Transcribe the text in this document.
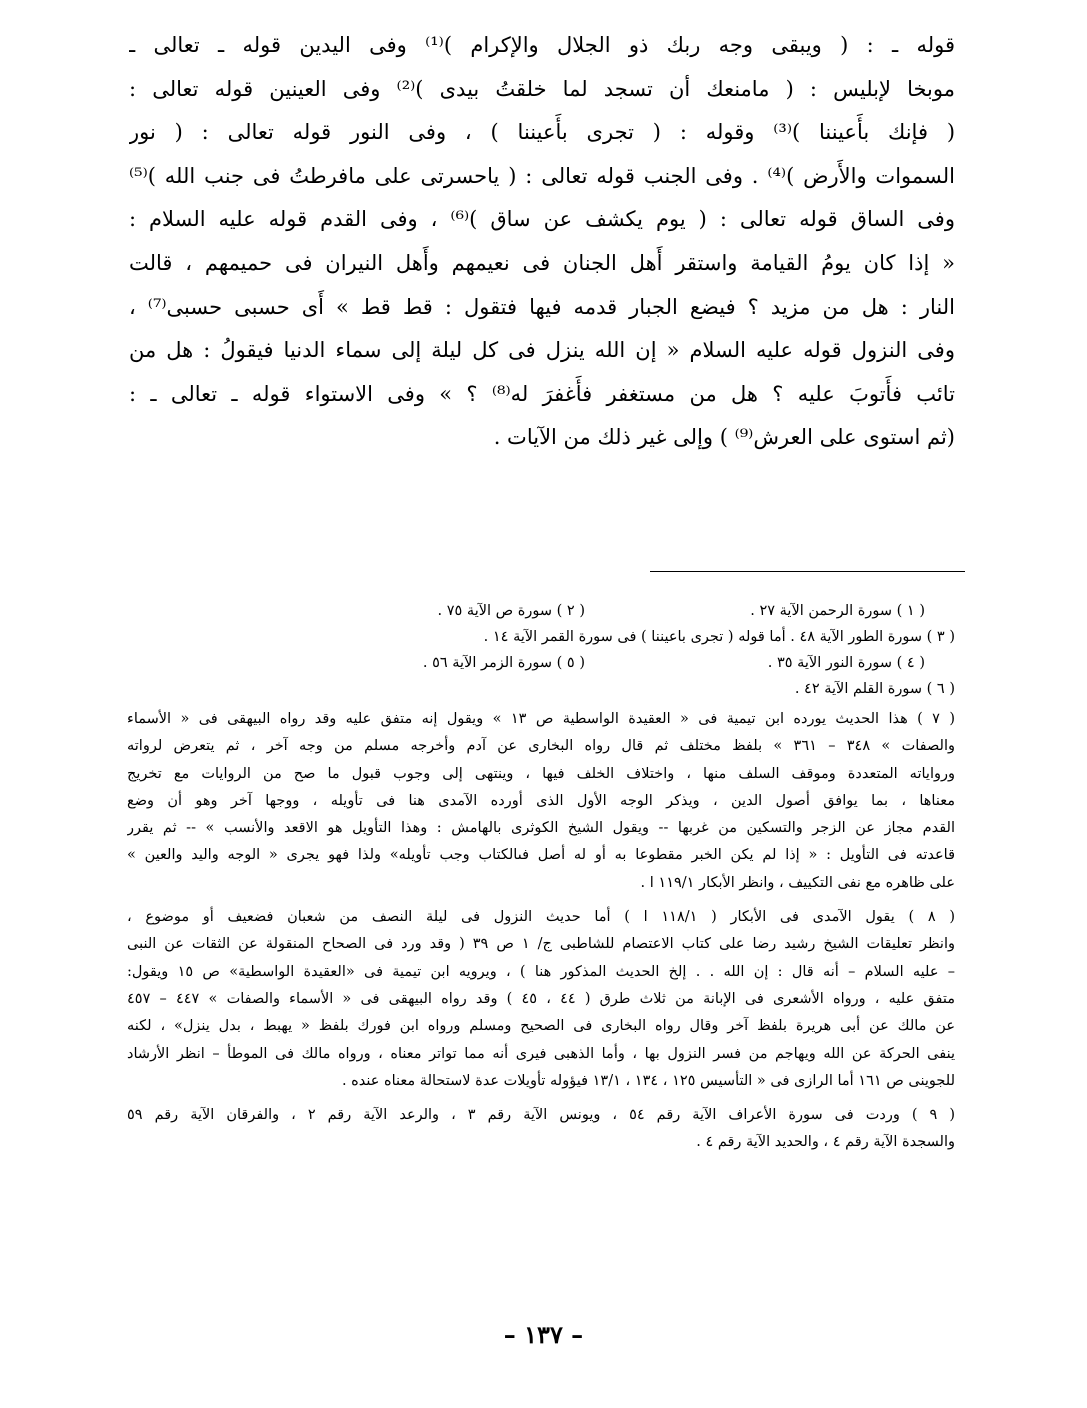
قوله ـ : ( ويبقى وجه ربك ذو الجلال والإكرام )⁽¹⁾ وفى اليدين قوله ـ تعالى ـ
موبخا لإبليس : ( مامنعك أن تسجد لما خلقتُ بيدى )⁽²⁾ وفى العينين قوله تعالى :
( فإنك بأَعيننا )⁽³⁾ وقوله : ( تجرى بأَعيننا ) ، وفى النور قوله تعالى : ( نور
السموات والأَرض )⁽⁴⁾ . وفى الجنب قوله تعالى : ( ياحسرتى على مافرطتُ فى جنب الله )⁽⁵⁾
وفى الساق قوله تعالى : ( يوم يكشف عن ساق )⁽⁶⁾ ، وفى القدم قوله عليه السلام :
« إذا كان يومُ القيامة واستقر أَهل الجنان فى نعيمهم وأَهل النيران فى حميمهم ، قالت
النار : هل من مزيد ؟ فيضع الجبار قدمه فيها فتقول : قط قط » أَى حسبى حسبى⁽⁷⁾ ،
وفى النزول قوله عليه السلام « إن الله ينزل فى كل ليلة إلى سماء الدنيا فيقولُ : هل من
تائب فأَتوبَ عليه ؟ هل من مستغفر فأَغفرَ له⁽⁸⁾ ؟ » وفى الاستواء قوله ـ تعالى ـ :
(ثم استوى على العرش⁽⁹⁾ ) وإلى غير ذلك من الآيات .
( ١ ) سورة الرحمن الآية ٢٧ .( ٢ ) سورة ص الآية ٧٥ .
( ٣ ) سورة الطور الآية ٤٨ . أما قوله ( تجرى باعيننا ) فى سورة القمر الآية ١٤ .
( ٤ ) سورة النور الآية ٣٥ .( ٥ ) سورة الزمر الآية ٥٦ .
( ٦ ) سورة القلم الآية ٤٢ .
( ٧ ) هذا الحديث يورده ابن تيمية فى « العقيدة الواسطية ص ١٣ » ويقول إنه متفق عليه وقد رواه البيهقى فى « الأسماء
والصفات » ٣٤٨ – ٣٦١ » بلفظ مختلف ثم قال رواه البخارى عن آدم وأخرجه مسلم من وجه آخر ، ثم يتعرض لرواته
ورواياته المتعددة وموقف السلف منها ، واختلاف الخلف فيها ، وينتهى إلى وجوب قبول ما صح من الروايات مع تخريج
معناها ، بما يوافق أصول الدين ، ويذكر الوجه الأول الذى أورده الآمدى هنا فى تأويله ، ووجها آخر وهو أن وضع
القدم مجاز عن الزجر والتسكين من غربها -- ويقول الشيخ الكوثرى بالهامش : وهذا التأويل هو الاقعد والأنسب » -- ثم يقرر
قاعدته فى التأويل : « إذا لم يكن الخبر مقطوعا به أو له أصل فىالكتاب وجب تأويله» ولذا فهو يجرى « الوجه واليد والعين »
على ظاهره مع نفى التكييف ، وانظر الأبكار ١١٩/١ ا .
( ٨ ) يقول الآمدى فى الأبكار ( ١١٨/١ ا ) أما حديث النزول فى ليلة النصف من شعبان فضعيف أو موضوع ،
وانظر تعليقات الشيخ رشيد رضا على كتاب الاعتصام للشاطبى ج/ ١ ص ٣٩ ( وقد ورد فى الصحاح المنقولة عن الثقات عن النبى
– عليه السلام – أنه قال : إن الله . . إلخ الحديث المذكور هنا ) ، ويرويه ابن تيمية فى «العقيدة الواسطية» ص ١٥ ويقول:
متفق عليه ، ورواه الأشعرى فى الإبانة من ثلاث طرق ( ٤٤ ، ٤٥ ) وقد رواه البيهقى فى « الأسماء والصفات » ٤٤٧ – ٤٥٧
عن مالك عن أبى هريرة بلفظ آخر وقال رواه البخارى فى الصحيح ومسلم ورواه ابن فورك بلفظ « يهبط ، بدل ينزل» ، لكنه
ينفى الحركة عن الله ويهاجم من فسر النزول بها ، وأما الذهبى فيرى أنه مما تواتر معناه ، ورواه مالك فى الموطأ – انظر الأرشاد
للجوينى ص ١٦١ أما الرازى فى « التأسيس ١٢٥ ، ١٣٤ ، ١٣/١ فيؤوله تأويلات عدة لاستحالة معناه عنده .
( ٩ ) وردت فى سورة الأعراف الآية رقم ٥٤ ، ويونس الآية رقم ٣ ، والرعد الآية رقم ٢ ، والفرقان الآية رقم ٥٩
والسجدة الآية رقم ٤ ، والحديد الآية رقم ٤ .
– ١٣٧ –
